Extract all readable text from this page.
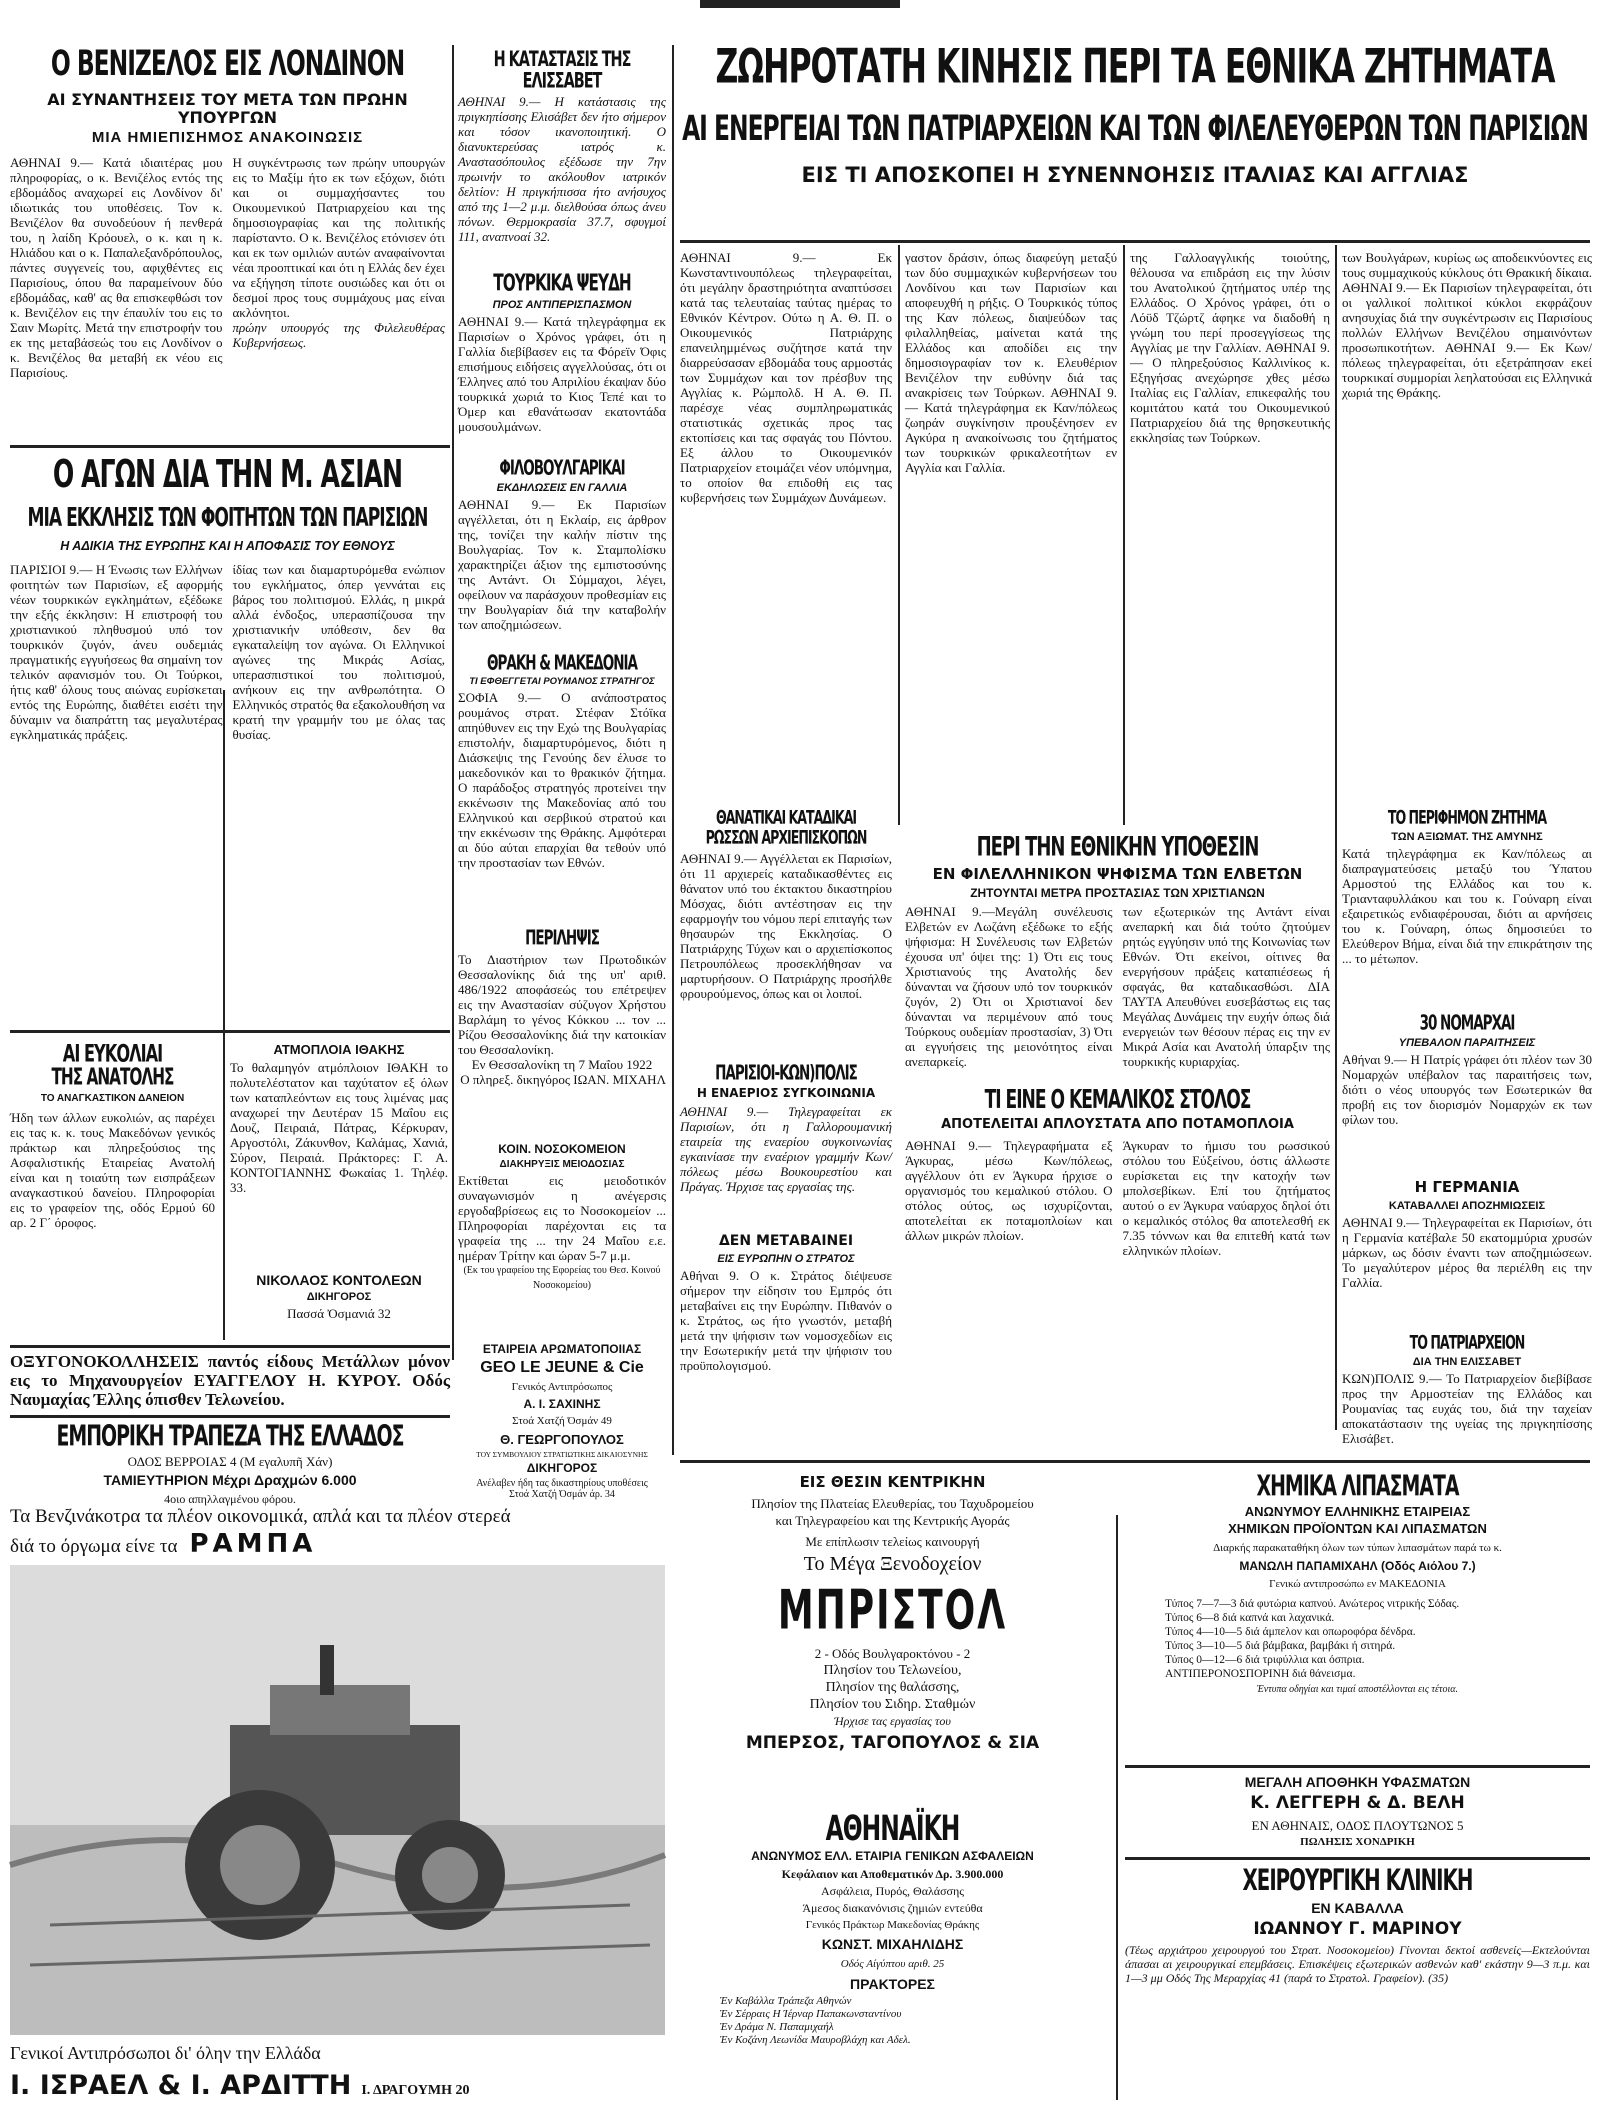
Ο ΒΕΝΙΖΕΛΟΣ ΕΙΣ ΛΟΝΔΙΝΟΝ
ΑΙ ΣΥΝΑΝΤΗΣΕΙΣ ΤΟΥ ΜΕΤΑ ΤΩΝ ΠΡΩΗΝ ΥΠΟΥΡΓΩΝ
ΜΙΑ ΗΜΙΕΠΙΣΗΜΟΣ ΑΝΑΚΟΙΝΩΣΙΣ

ΑΘΗΝΑΙ 9.— Κατά ιδιαιτέρας μου πληροφορίας, ο κ. Βενιζέλος εντός της εβδομάδος αναχωρεί εις Λονδίνον δι' ιδιωτικάς του υποθέσεις. Τον κ. Βενιζέλον θα συνοδεύουν ή πενθερά του, η λαίδη Κρόουελ, ο κ. και η κ. Ηλιάδου και ο κ. Παπαλεξανδρόπουλος, πάντες συγγενείς του, αφιχθέντες εις Παρισίους, όπου θα παραμείνουν δύο εβδομάδας, καθ' ας θα επισκεφθώσι τον κ. Βενιζέλον εις την έπαυλίν του εις το Σαιν Μωρίτς. Μετά την επιστροφήν του εκ της μεταβάσεώς του εις Λονδίνον ο κ. Βενιζέλος θα μεταβή εκ νέου εις Παρισίους.

Η συγκέντρωσις των πρώην υπουργών εις το Μαξίμ ήτο εκ των εξόχων, διότι και οι συμμαχήσαντες του Οικουμενικού Πατριαρχείου και της δημοσιογραφίας και της πολιτικής παρίσταντο. Ο κ. Βενιζέλος ετόνισεν ότι και εκ των ομιλιών αυτών αναφαίνονται νέαι προοπτικαί και ότι η Ελλάς δεν έχει να εξήγηση τίποτε ουσιώδες και ότι οι δεσμοί προς τους συμμάχους μας είναι ακλόνητοι.

πρώην υπουργός της Φιλελευθέρας Κυβερνήσεως.

Ο ΑΓΩΝ ΔΙΑ ΤΗΝ Μ. ΑΣΙΑΝ
ΜΙΑ ΕΚΚΛΗΣΙΣ ΤΩΝ ΦΟΙΤΗΤΩΝ ΤΩΝ ΠΑΡΙΣΙΩΝ
Η ΑΔΙΚΙΑ ΤΗΣ ΕΥΡΩΠΗΣ ΚΑΙ Η ΑΠΟΦΑΣΙΣ ΤΟΥ ΕΘΝΟΥΣ

ΠΑΡΙΣΙΟΙ 9.— Η Ένωσις των Ελλήνων φοιτητών των Παρισίων, εξ αφορμής νέων τουρκικών εγκλημάτων, εξέδωκε την εξής έκκλησιν: Η επιστροφή του χριστιανικού πληθυσμού υπό τον τουρκικόν ζυγόν, άνευ ουδεμιάς πραγματικής εγγυήσεως θα σημαίνη τον τελικόν αφανισμόν του. Οι Τούρκοι, ήτις καθ' όλους τους αιώνας ευρίσκεται εντός της Ευρώπης, διαθέτει εισέτι την δύναμιν να διαπράττη τας μεγαλυτέρας εγκληματικάς πράξεις.

ίδίας των και διαμαρτυρόμεθα ενώπιον του εγκλήματος, όπερ γεννάται εις βάρος του πολιτισμού. Ελλάς, η μικρά αλλά ένδοξος, υπερασπίζουσα την χριστιανικήν υπόθεσιν, δεν θα εγκαταλείψη τον αγώνα. Οι Ελληνικοί αγώνες της Μικράς Ασίας, υπερασπιστικοί του πολιτισμού, ανήκουν εις την ανθρωπότητα. Ο Ελληνικός στρατός θα εξακολουθήση να κρατή την γραμμήν του με όλας τας θυσίας.

ΑΙ ΕΥΚΟΛΙΑΙ
ΤΗΣ ΑΝΑΤΟΛΗΣ
ΤΟ ΑΝΑΓΚΑΣΤΙΚΟΝ ΔΑΝΕΙΟΝ

Ήδη των άλλων ευκολιών, ας παρέχει εις τας κ. κ. τους Μακεδόνων γενικός πράκτωρ και πληρεξούσιος της Ασφαλιστικής Εταιρείας Ανατολή είναι και η τοιαύτη των εισπράξεων αναγκαστικού δανείου. Πληροφορίαι εις το γραφείον της, οδός Ερμού 60 αρ. 2 Γ΄ όροφος.

ΑΤΜΟΠΛΟΙΑ ΙΘΑΚΗΣ

Το θαλαμηγόν ατμόπλοιον ΙΘΑΚΗ το πολυτελέστατον και ταχύτατον εξ όλων των καταπλεόντων εις τους λιμένας μας αναχωρεί την Δευτέραν 15 Μαΐου εις Δουζ, Πειραιά, Πάτρας, Κέρκυραν, Αργοστόλι, Ζάκυνθον, Καλάμας, Χανιά, Σύρον, Πειραιά. Πράκτορες: Γ. Α. ΚΟΝΤΟΓΙΑΝΝΗΣ Φωκαίας 1. Τηλέφ. 33.

ΝΙΚΟΛΑΟΣ ΚΟΝΤΟΛΕΩΝ
ΔΙΚΗΓΟΡΟΣ
Πασσά Ὀσμανιά 32

ΟΞΥΓΟΝΟΚΟΛΛΗΣΕΙΣ παντός είδους Μετάλλων μόνον εις το Μηχανουργείον ΕΥΑΓΓΕΛΟΥ Η. ΚΥΡΟΥ. Οδός Ναυμαχίας Έλλης όπισθεν Τελωνείου.

ΕΜΠΟΡΙΚΗ ΤΡΑΠΕΖΑ ΤΗΣ ΕΛΛΑΔΟΣ
ΟΔΟΣ ΒΕΡΡΟΙΑΣ 4 (Μ εγαλυπῆ Χάν)
ΤΑΜΙΕΥΤΗΡΙΟΝ Μέχρι Δραχμών 6.000
4οιο απηλλαγμένου φόρου.
Τα Βενζινάκοτρα τα πλέον οικονομικά, απλά και τα πλέον στερεά
διά το όργωμα είνε τα ΡΑΜΠΑ
Γενικοί Αντιπρόσωποι δι' όλην την Ελλάδα
Ι. ΙΣΡΑΕΛ & Ι. ΑΡΔΙΤΤΗ Ι. ΔΡΑΓΟΥΜΗ 20
Η ΚΑΤΑΣΤΑΣΙΣ ΤΗΣ ΕΛΙΣΣΑΒΕΤ

ΑΘΗΝΑΙ 9.— Η κατάστασις της πριγκηπίσσης Ελισάβετ δεν ήτο σήμερον και τόσον ικανοποιητική. Ο διανυκτερεύσας ιατρός κ. Αναστασόπουλος εξέδωσε την 7ην πρωινήν το ακόλουθον ιατρικόν δελτίον: Η πριγκήπισσα ήτο ανήσυχος από της 1—2 μ.μ. διελθούσα όπως άνευ πόνων. Θερμοκρασία 37.7, σφυγμοί 111, αναπνοαί 32.

ΤΟΥΡΚΙΚΑ ΨΕΥΔΗ
ΠΡΟΣ ΑΝΤΙΠΕΡΙΣΠΑΣΜΟΝ

ΑΘΗΝΑΙ 9.— Κατά τηλεγράφημα εκ Παρισίων ο Χρόνος γράφει, ότι η Γαλλία διεβίβασεν εις τα Φόρεϊν Όφις επισήμους ειδήσεις αγγελλούσας, ότι οι Έλληνες από του Απριλίου έκαψαν δύο τουρκικά χωριά το Κιος Τεπέ και το Όμερ και εθανάτωσαν εκατοντάδα μουσουλμάνων.

ΦΙΛΟΒΟΥΛΓΑΡΙΚΑΙ
ΕΚΔΗΛΩΣΕΙΣ ΕΝ ΓΑΛΛΙΑ

ΑΘΗΝΑΙ 9.— Εκ Παρισίων αγγέλλεται, ότι η Εκλαίρ, εις άρθρον της, τονίζει την καλήν πίστιν της Βουλγαρίας. Τον κ. Σταμπολίσκυ χαρακτηρίζει άξιον της εμπιστοσύνης της Αντάντ. Οι Σύμμαχοι, λέγει, οφείλουν να παράσχουν προθεσμίαν εις την Βουλγαρίαν διά την καταβολήν των αποζημιώσεων.

ΘΡΑΚΗ & ΜΑΚΕΔΟΝΙΑ
ΤΙ ΕΦΘΕΓΓΕΤΑΙ ΡΟΥΜΑΝΟΣ ΣΤΡΑΤΗΓΟΣ

ΣΟΦΙΑ 9.— Ο ανάποστρατος ρουμάνος στρατ. Στέφαν Στόϊκα απηύθυνεν εις την Εχώ της Βουλγαρίας επιστολήν, διαμαρτυρόμενος, διότι η Διάσκεψις της Γενούης δεν έλυσε το μακεδονικόν και το θρακικόν ζήτημα. Ο παράδοξος στρατηγός προτείνει την εκκένωσιν της Μακεδονίας από του Ελληνικού και σερβικού στρατού και την εκκένωσιν της Θράκης. Αμφότεραι αι δύο αύται επαρχίαι θα τεθούν υπό την προστασίαν των Εθνών.

ΠΕΡΙΛΗΨΙΣ

Το Διαστήριον των Πρωτοδικών Θεσσαλονίκης διά της υπ' αριθ. 486/1922 αποφάσεώς του επέτρεψεν εις την Αναστασίαν σύζυγον Χρήστου Βαρλάμη το γένος Κόκκου ... τον ... Ρίζου Θεσσαλονίκης διά την κατοικίαν του Θεσσαλονίκη.

Εν Θεσσαλονίκη τη 7 Μαΐου 1922

Ο πληρεξ. δικηγόρος ΙΩΑΝ. ΜΙΧΑΗΛ

ΚΟΙΝ. ΝΟΣΟΚΟΜΕΙΟΝ
ΔΙΑΚΗΡΥΞΙΣ ΜΕΙΟΔΟΣΙΑΣ

Εκτίθεται εις μειοδοτικόν συναγωνισμόν η ανέγερσις εργοδαβρίσεως εις το Νοσοκομείον ... Πληροφορίαι παρέχονται εις τα γραφεία της ... την 24 Μαΐου ε.ε. ημέραν Τρίτην και ώραν 5-7 μ.μ.

(Εκ του γραφείου της Εφορείας του Θεσ. Κοινού Νοσοκομείου)

ΕΤΑΙΡΕΙΑ ΑΡΩΜΑΤΟΠΟΙΙΑΣ
GEO LE JEUNE & Cie
Γενικός Αντιπρόσωπος
Α. Ι. ΣΑΧΙΝΗΣ
Στοά Χατζή Όσμάν 49
Θ. ΓΕΩΡΓΟΠΟΥΛΟΣ
ΤΟΥ ΣΥΜΒΟΥΛΙΟΥ ΣΤΡΑΤΙΩΤΙΚΗΣ ΔΙΚΑΙΟΣΥΝΗΣ
ΔΙΚΗΓΟΡΟΣ
Ανέλαβεν ήδη τας δικαστηρίους υποθέσεις
Στοά Χατζή Όσμάν άρ. 34
ΖΩΗΡΟΤΑΤΗ ΚΙΝΗΣΙΣ ΠΕΡΙ ΤΑ ΕΘΝΙΚΑ ΖΗΤΗΜΑΤΑ
ΑΙ ΕΝΕΡΓΕΙΑΙ ΤΩΝ ΠΑΤΡΙΑΡΧΕΙΩΝ ΚΑΙ ΤΩΝ ΦΙΛΕΛΕΥΘΕΡΩΝ ΤΩΝ ΠΑΡΙΣΙΩΝ
ΕΙΣ ΤΙ ΑΠΟΣΚΟΠΕΙ Η ΣΥΝΕΝΝΟΗΣΙΣ ΙΤΑΛΙΑΣ ΚΑΙ ΑΓΓΛΙΑΣ

ΑΘΗΝΑΙ 9.— Εκ Κωνσταντινουπόλεως τηλεγραφείται, ότι μεγάλην δραστηριότητα αναπτύσσει κατά τας τελευταίας ταύτας ημέρας το Εθνικόν Κέντρον. Ούτω η Α. Θ. Π. ο Οικουμενικός Πατριάρχης επανειλημμένως συζήτησε κατά την διαρρεύσασαν εβδομάδα τους αρμοστάς των Συμμάχων και τον πρέσβυν της Αγγλίας κ. Ρώμπολδ. Η Α. Θ. Π. παρέσχε νέας συμπληρωματικάς στατιστικάς σχετικάς προς τας εκτοπίσεις και τας σφαγάς του Πόντου. Εξ άλλου το Οικουμενικόν Πατριαρχείον ετοιμάζει νέον υπόμνημα, το οποίον θα επιδοθή εις τας κυβερνήσεις των Συμμάχων Δυνάμεων.

γαστον δράσιν, όπως διαφεύγη μεταξύ των δύο συμμαχικών κυβερνήσεων του Λονδίνου και των Παρισίων και αποφευχθή η ρήξις. Ο Τουρκικός τύπος της Καν πόλεως, διαψεύδων τας φιλαλληθείας, μαίνεται κατά της Ελλάδος και αποδίδει εις την δημοσιογραφίαν τον κ. Ελευθέριον Βενιζέλον την ευθύνην διά τας ανακρίσεις των Τούρκων. ΑΘΗΝΑΙ 9.— Κατά τηλεγράφημα εκ Καν/πόλεως ζωηράν συγκίνησιν προυξένησεν εν Αγκύρα η ανακοίνωσις του ζητήματος των τουρκικών φρικαλεοτήτων εν Αγγλία και Γαλλία.

της Γαλλοαγγλικής τοιούτης, θέλουσα να επιδράση εις την λύσιν του Ανατολικού ζητήματος υπέρ της Ελλάδος. Ο Χρόνος γράφει, ότι ο Λόϋδ Τζώρτζ άφηκε να διαδοθή η γνώμη του περί προσεγγίσεως της Αγγλίας με την Γαλλίαν. ΑΘΗΝΑΙ 9.— Ο πληρεξούσιος Καλλινίκος κ. Εξηγήσας ανεχώρησε χθες μέσω Ιταλίας εις Γαλλίαν, επικεφαλής του κομιτάτου κατά του Οικουμενικού Πατριαρχείου διά της θρησκευτικής εκκλησίας των Τούρκων.

των Βουλγάρων, κυρίως ως αποδεικνύοντες εις τους συμμαχικούς κύκλους ότι Θρακική δίκαια. ΑΘΗΝΑΙ 9.— Εκ Παρισίων τηλεγραφείται, ότι οι γαλλικοί πολιτικοί κύκλοι εκφράζουν ανησυχίας διά την συγκέντρωσιν εις Παρισίους πολλών Ελλήνων Βενιζέλου σημαινόντων προσωπικοτήτων. ΑΘΗΝΑΙ 9.— Εκ Κων/πόλεως τηλεγραφείται, ότι εξετράπησαν εκεί τουρκικαί συμμορίαι λεηλατούσαι εις Ελληνικά χωριά της Θράκης.

ΘΑΝΑΤΙΚΑΙ ΚΑΤΑΔΙΚΑΙ
ΡΩΣΣΩΝ ΑΡΧΙΕΠΙΣΚΟΠΩΝ

ΑΘΗΝΑΙ 9.— Αγγέλλεται εκ Παρισίων, ότι 11 αρχιερείς καταδικασθέντες εις θάνατον υπό του έκτακτου δικαστηρίου Μόσχας, διότι αντέστησαν εις την εφαρμογήν του νόμου περί επιταγής των θησαυρών της Εκκλησίας. Ο Πατριάρχης Τύχων και ο αρχιεπίσκοπος Πετρουπόλεως προσεκλήθησαν να μαρτυρήσουν. Ο Πατριάρχης προσήλθε φρουρούμενος, όπως και οι λοιποί.

ΠΑΡΙΣΙΟΙ-ΚΩΝ)ΠΟΛΙΣ
Η ΕΝΑΕΡΙΟΣ ΣΥΓΚΟΙΝΩΝΙΑ

ΑΘΗΝΑΙ 9.— Τηλεγραφείται εκ Παρισίων, ότι η Γαλλορουμανική εταιρεία της εναερίου συγκοινωνίας εγκαινίασε την εναέριον γραμμήν Κων/πόλεως μέσω Βουκουρεστίου και Πράγας. Ήρχισε τας εργασίας της.

ΔΕΝ ΜΕΤΑΒΑΙΝΕΙ
ΕΙΣ ΕΥΡΩΠΗΝ Ο ΣΤΡΑΤΟΣ

Αθήναι 9. Ο κ. Στράτος διέψευσε σήμερον την είδησιν του Εμπρός ότι μεταβαίνει εις την Ευρώπην. Πιθανόν ο κ. Στράτος, ως ήτο γνωστόν, μεταβή μετά την ψήφισιν των νομοσχεδίων εις την Εσωτερικήν μετά την ψήφισιν του προϋπολογισμού.

ΠΕΡΙ ΤΗΝ ΕΘΝΙΚΗΝ ΥΠΟΘΕΣΙΝ
ΕΝ ΦΙΛΕΛΛΗΝΙΚΟΝ ΨΗΦΙΣΜΑ ΤΩΝ ΕΛΒΕΤΩΝ
ΖΗΤΟΥΝΤΑΙ ΜΕΤΡΑ ΠΡΟΣΤΑΣΙΑΣ ΤΩΝ ΧΡΙΣΤΙΑΝΩΝ

ΑΘΗΝΑΙ 9.—Μεγάλη συνέλευσις Ελβετών εν Λωζάνη εξέδωκε το εξής ψήφισμα: Η Συνέλευσις των Ελβετών έχουσα υπ' όψει της: 1) Ότι εις τους Χριστιανούς της Ανατολής δεν δύνανται να ζήσουν υπό τον τουρκικόν ζυγόν, 2) Ότι οι Χριστιανοί δεν δύνανται να περιμένουν από τους Τούρκους ουδεμίαν προστασίαν, 3) Ότι αι εγγυήσεις της μειονότητος είναι ανεπαρκείς.

των εξωτερικών της Αντάντ είναι ανεπαρκή και διά τούτο ζητούμεν ρητώς εγγύησιν υπό της Κοινωνίας των Εθνών. Ότι εκείνοι, οίτινες θα ενεργήσουν πράξεις καταπιέσεως ή σφαγάς, θα καταδικασθώσι. ΔΙΑ ΤΑΥΤΑ Απευθύνει ευσεβάστως εις τας Μεγάλας Δυνάμεις την ευχήν όπως διά ενεργειών των θέσουν πέρας εις την εν Μικρά Ασία και Ανατολή ύπαρξιν της τουρκικής κυριαρχίας.

ΤΙ ΕΙΝΕ Ο ΚΕΜΑΛΙΚΟΣ ΣΤΟΛΟΣ
ΑΠΟΤΕΛΕΙΤΑΙ ΑΠΛΟΥΣΤΑΤΑ ΑΠΟ ΠΟΤΑΜΟΠΛΟΙΑ

ΑΘΗΝΑΙ 9.— Τηλεγραφήματα εξ Άγκυρας, μέσω Κων/πόλεως, αγγέλλουν ότι εν Άγκυρα ήρχισε ο οργανισμός του κεμαλικού στόλου. Ο στόλος ούτος, ως ισχυρίζονται, αποτελείται εκ ποταμοπλοίων και άλλων μικρών πλοίων.

Άγκυραν το ήμισυ του ρωσσικού στόλου του Εύξείνου, όστις άλλωστε ευρίσκεται εις την κατοχήν των μπολσεβίκων. Επί του ζητήματος αυτού ο εν Άγκυρα ναύαρχος δηλοί ότι ο κεμαλικός στόλος θα αποτελεσθή εκ 7.35 τόννων και θα επιτεθή κατά των ελληνικών πλοίων.

ΤΟ ΠΕΡΙΦΗΜΟΝ ΖΗΤΗΜΑ
ΤΩΝ ΑΞΙΩΜΑΤ. ΤΗΣ ΑΜΥΝΗΣ

Κατά τηλεγράφημα εκ Καν/πόλεως αι διαπραγματεύσεις μεταξύ του Ύπατου Αρμοστού της Ελλάδος και του κ. Τριανταφυλλάκου και του κ. Γούναρη είναι εξαιρετικώς ενδιαφέρουσαι, διότι αι αρνήσεις του κ. Γούναρη, όπως δημοσιεύει το Ελεύθερον Βήμα, είναι διά την επικράτησιν της ... το μέτωπον.

30 ΝΟΜΑΡΧΑΙ
ΥΠΕΒΑΛΟΝ ΠΑΡΑΙΤΗΣΕΙΣ

Αθήναι 9.— Η Πατρίς γράφει ότι πλέον των 30 Νομαρχών υπέβαλον τας παραιτήσεις των, διότι ο νέος υπουργός των Εσωτερικών θα προβή εις τον διορισμόν Νομαρχών εκ των φίλων του.

Η ΓΕΡΜΑΝΙΑ
ΚΑΤΑΒΑΛΛΕΙ ΑΠΟΖΗΜΙΩΣΕΙΣ

ΑΘΗΝΑΙ 9.— Τηλεγραφείται εκ Παρισίων, ότι η Γερμανία κατέβαλε 50 εκατομμύρια χρυσών μάρκων, ως δόσιν έναντι των αποζημιώσεων. Το μεγαλύτερον μέρος θα περιέλθη εις την Γαλλία.

ΤΟ ΠΑΤΡΙΑΡΧΕΙΟΝ
ΔΙΑ ΤΗΝ ΕΛΙΣΣΑΒΕΤ

ΚΩΝ)ΠΟΛΙΣ 9.— Το Πατριαρχείον διεβίβασε προς την Αρμοστείαν της Ελλάδος και Ρουμανίας τας ευχάς του, διά την ταχείαν αποκατάστασιν της υγείας της πριγκηπίσσης Ελισάβετ.

ΕΙΣ ΘΕΣΙΝ ΚΕΝΤΡΙΚΗΝ
Πλησίον της Πλατείας Ελευθερίας, του Ταχυδρομείου
και Τηλεγραφείου και της Κεντρικής Αγοράς
Με επίπλωσιν τελείως καινουργή
Το Μέγα Ξενοδοχείον
ΜΠΡΙΣΤΟΛ
2 - Οδός Βουλγαροκτόνου - 2
Πλησίον του Τελωνείου,
Πλησίον της θαλάσσης,
Πλησίον του Σιδηρ. Σταθμών
Ήρχισε τας εργασίας του
ΜΠΕΡΣΟΣ, ΤΑΓΟΠΟΥΛΟΣ & ΣΙΑ
ΑΘΗΝΑΪΚΗ
ΑΝΩΝΥΜΟΣ ΕΛΛ. ΕΤΑΙΡΙΑ ΓΕΝΙΚΩΝ ΑΣΦΑΛΕΙΩΝ
Κεφάλαιον και Αποθεματικόν Δρ. 3.900.000
Ασφάλεια, Πυρός, Θαλάσσης
Άμεσος διακανόνισις ζημιών εντεύθα
Γενικός Πράκτωρ Μακεδονίας Θράκης
ΚΩΝΣΤ. ΜΙΧΑΗΛΙΔΗΣ
Οδός Αίγύπτου αριθ. 25
ΠΡΑΚΤΟΡΕΣ
Έν Καβάλλα Τράπεζα Αθηνών
Έν Σέρραις Η Ίέρναρ Παπακωνσταντίνου
Έν Δράμα Ν. Παπαμιχαήλ
Έν Κοζάνη Λεωνίδα Μαυροβλάχη και Αδελ.
ΧΗΜΙΚΑ ΛΙΠΑΣΜΑΤΑ
ΑΝΩΝΥΜΟΥ ΕΛΛΗΝΙΚΗΣ ΕΤΑΙΡΕΙΑΣ
ΧΗΜΙΚΩΝ ΠΡΟΪΟΝΤΩΝ ΚΑΙ ΛΙΠΑΣΜΑΤΩΝ
Διαρκής παρακαταθήκη όλων των τύπων λιπασμάτων παρά τω κ.
ΜΑΝΩΛΗ ΠΑΠΑΜΙΧΑΗΛ (Οδός Αιόλου 7.)
Γενικώ αντιπροσώπω εν ΜΑΚΕΔΟΝΙΑ
Τύπος 7—7—3 διά φυτώρια καπνού. Ανώτερος νιτρικής Σόδας.
Τύπος 6—8 διά καπνά και λαχανικά.
Τύπος 4—10—5 διά άμπελον και οπωροφόρα δένδρα.
Τύπος 3—10—5 διά βάμβακα, βαμβάκι ή σιτηρά.
Τύπος 0—12—6 διά τριφύλλια και όσπρια.
ΑΝΤΙΠΕΡΟΝΟΣΠΟΡΙΝΗ διά θάνεισμα.
Έντυπα οδηγίαι και τιμαί αποστέλλονται εις τέτοια.
ΜΕΓΑΛΗ ΑΠΟΘΗΚΗ ΥΦΑΣΜΑΤΩΝ
Κ. ΛΕΓΓΕΡΗ & Δ. ΒΕΛΗ
ΕΝ ΑΘΗΝΑΙΣ, ΟΔΟΣ ΠΛΟΥΤΩΝΟΣ 5
ΠΩΛΗΣΙΣ ΧΟΝΔΡΙΚΗ
ΧΕΙΡΟΥΡΓΙΚΗ ΚΛΙΝΙΚΗ
ΕΝ ΚΑΒΑΛΛΑ
ΙΩΑΝΝΟΥ Γ. ΜΑΡΙΝΟΥ

(Τέως αρχιάτρου χειρουργού του Στρατ. Νοσοκομείου) Γίνονται δεκτοί ασθενείς—Εκτελούνται άπασαι αι χειρουργικαί επεμβάσεις. Επισκέψεις εξωτερικών ασθενών καθ' εκάστην 9—3 π.μ. και 1—3 μμ Οδός Της Μεραρχίας 41 (παρά το Στρατολ. Γραφείον). (35)
